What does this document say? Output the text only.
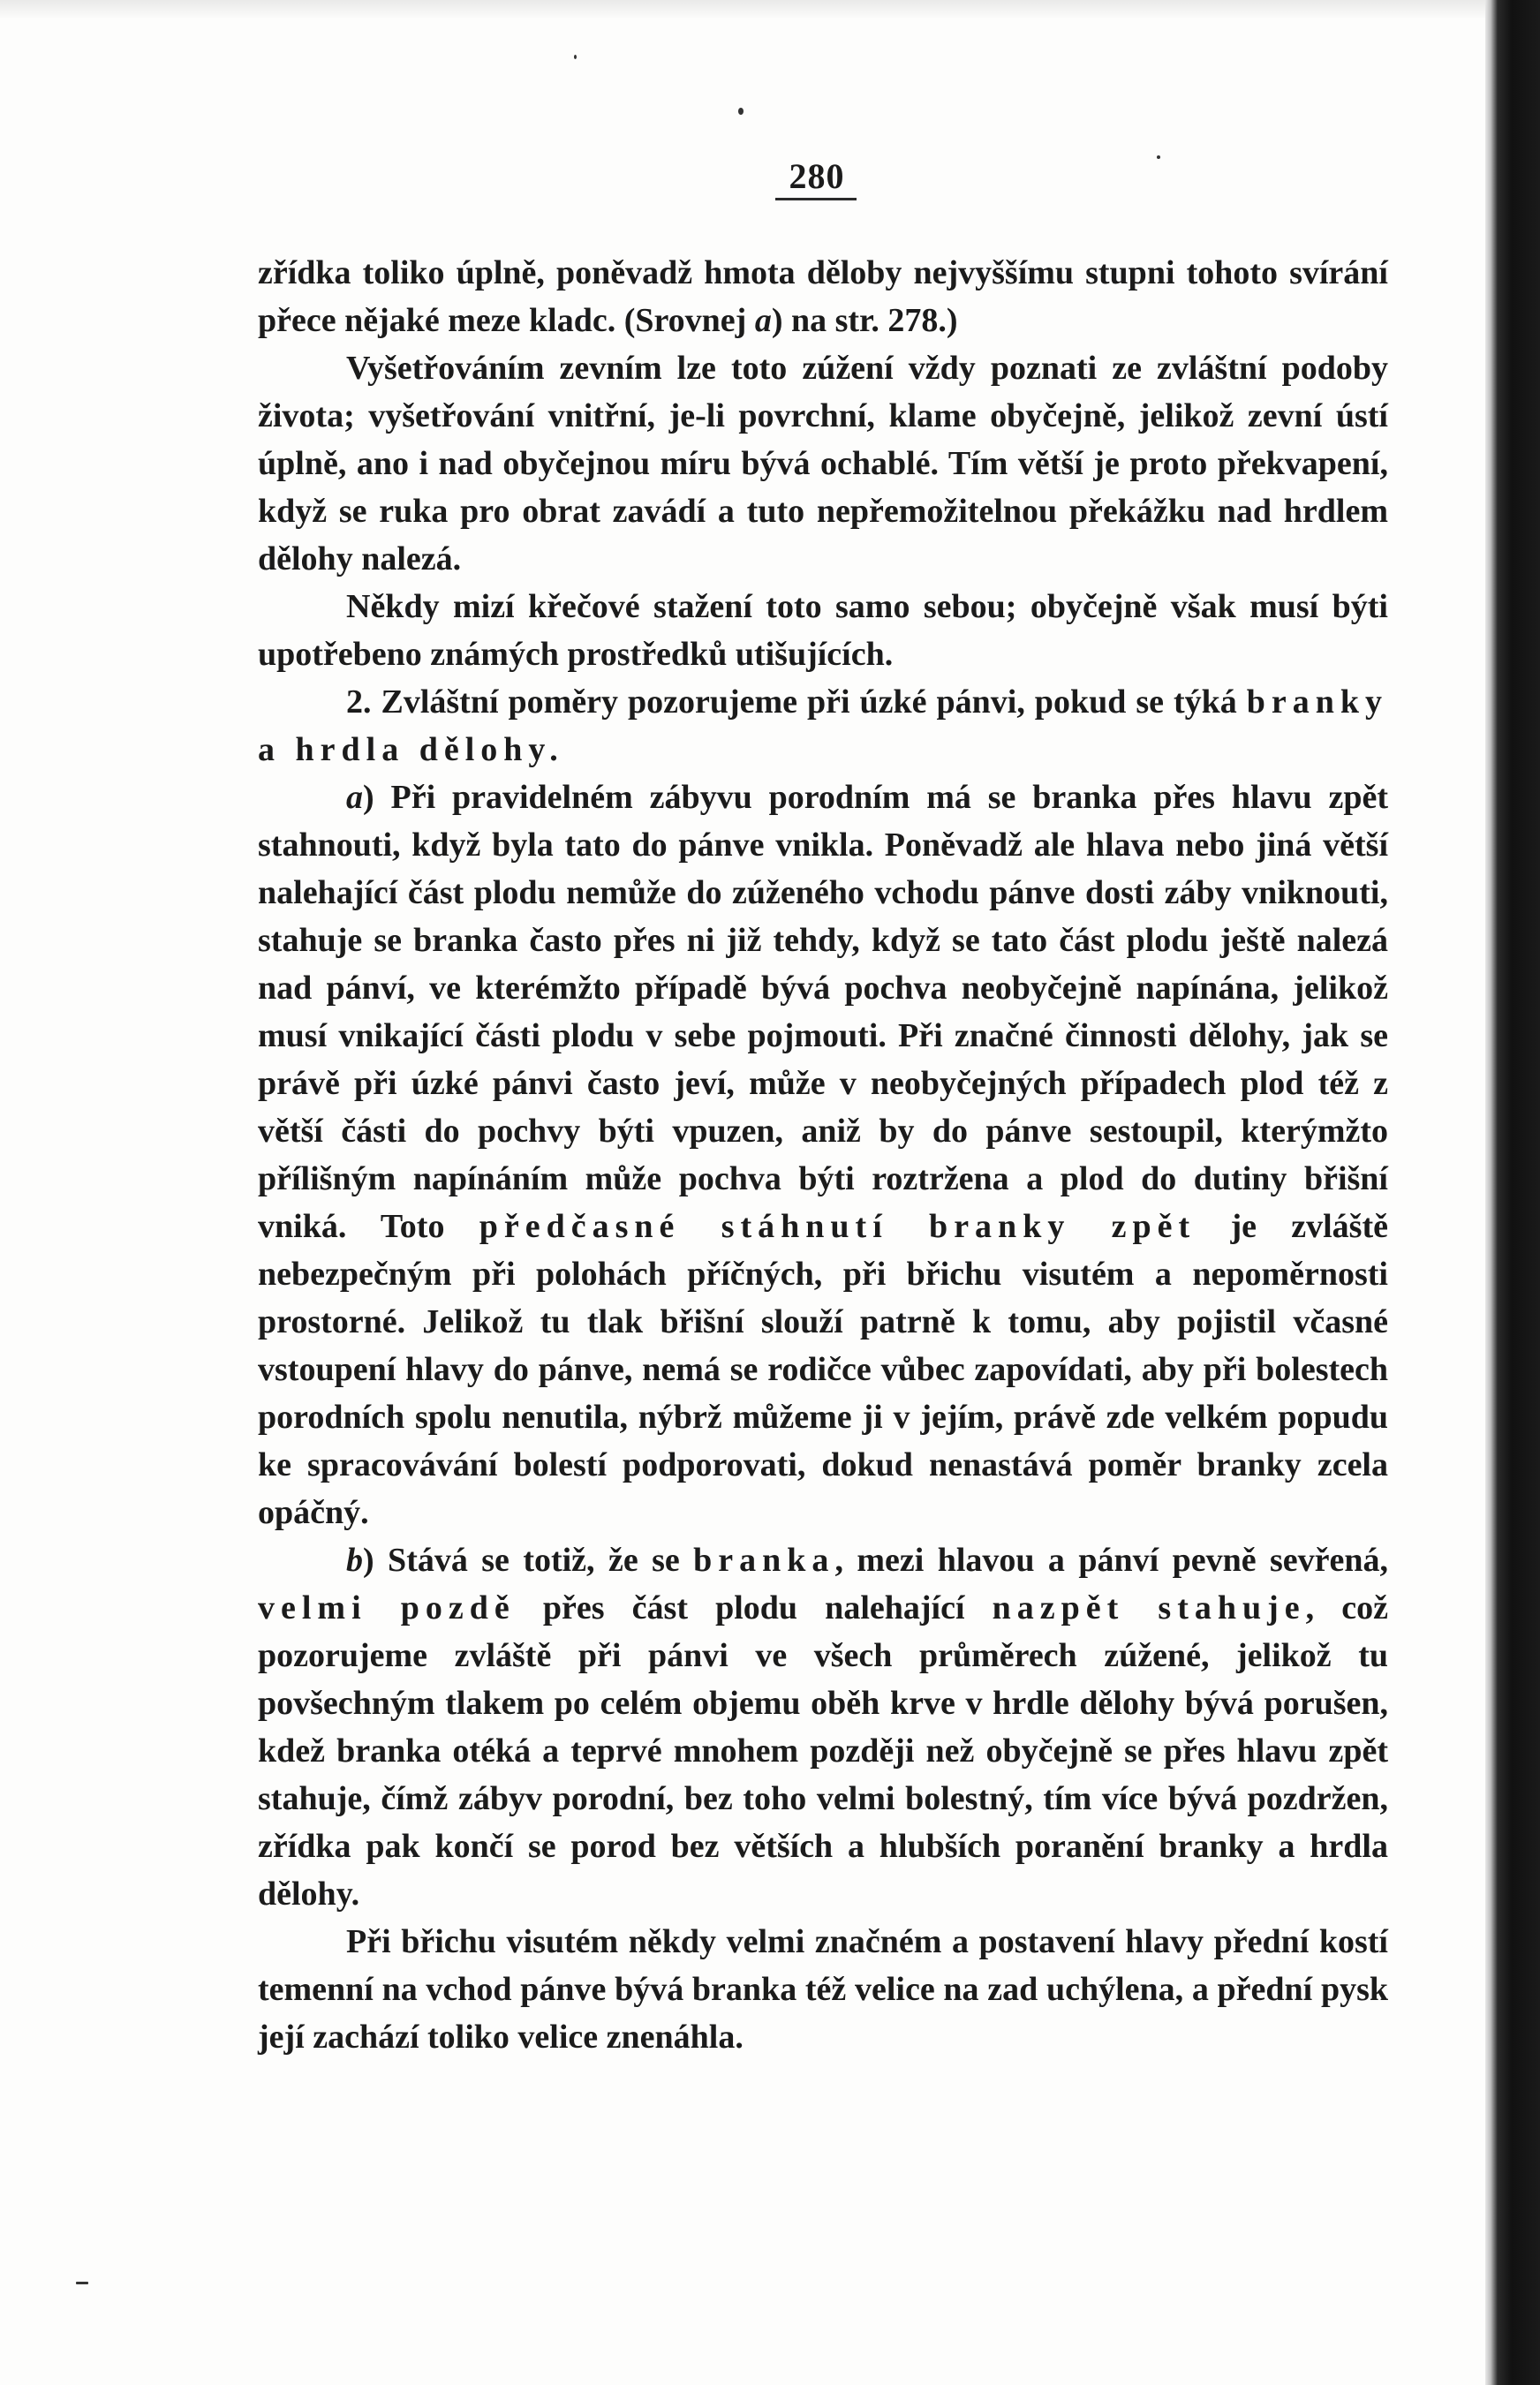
280

zřídka toliko úplně, poněvadž hmota děloby nejvyššímu stupni tohoto svírání přece nějaké meze kladc. (Srovnej a) na str. 278.)

Vyšetřováním zevním lze toto zúžení vždy poznati ze zvláštní podoby života; vyšetřování vnitřní, je-li povrchní, klame obyčejně, jelikož zevní ústí úplně, ano i nad obyčejnou míru bývá ochablé. Tím větší je proto překvapení, když se ruka pro obrat zavádí a tuto nepřemožitelnou překážku nad hrdlem dělohy nalezá.

Někdy mizí křečové stažení toto samo sebou; obyčejně však musí býti upotřebeno známých prostředků utišujících.

2. Zvláštní poměry pozorujeme při úzké pánvi, pokud se týká branky a hrdla dělohy.

a) Při pravidelném zábyvu porodním má se branka přes hlavu zpět stahnouti, když byla tato do pánve vnikla. Poněvadž ale hlava nebo jiná větší nalehající část plodu nemůže do zúženého vchodu pánve dosti záby vniknouti, stahuje se branka často přes ni již tehdy, když se tato část plodu ještě nalezá nad pánví, ve kterémžto případě bývá pochva neobyčejně napínána, jelikož musí vnikající části plodu v sebe pojmouti. Při značné činnosti dělohy, jak se právě při úzké pánvi často jeví, může v neobyčejných případech plod též z větší části do pochvy býti vpuzen, aniž by do pánve sestoupil, kterýmžto přílišným napínáním může pochva býti roztržena a plod do dutiny břišní vniká. Toto předčasné stáhnutí branky zpět je zvláště nebezpečným při polohách příčných, při břichu visutém a nepoměrnosti prostorné. Jelikož tu tlak břišní slouží patrně k tomu, aby pojistil včasné vstoupení hlavy do pánve, nemá se rodičce vůbec zapovídati, aby při bolestech porodních spolu nenutila, nýbrž můžeme ji v jejím, právě zde velkém popudu ke spracovávání bolestí podporovati, dokud nenastává poměr branky zcela opáčný.

b) Stává se totiž, že se branka, mezi hlavou a pánví pevně sevřená, velmi pozdě přes část plodu nalehající nazpět stahuje, což pozorujeme zvláště při pánvi ve všech průměrech zúžené, jelikož tu povšechným tlakem po celém objemu oběh krve v hrdle dělohy bývá porušen, kdež branka otéká a teprvé mnohem později než obyčejně se přes hlavu zpět stahuje, čímž zábyv porodní, bez toho velmi bolestný, tím více bývá pozdržen, zřídka pak končí se porod bez větších a hlubších poranění branky a hrdla dělohy.

Při břichu visutém někdy velmi značném a postavení hlavy přední kostí temenní na vchod pánve bývá branka též velice na zad uchýlena, a přední pysk její zachází toliko velice znenáhla.
